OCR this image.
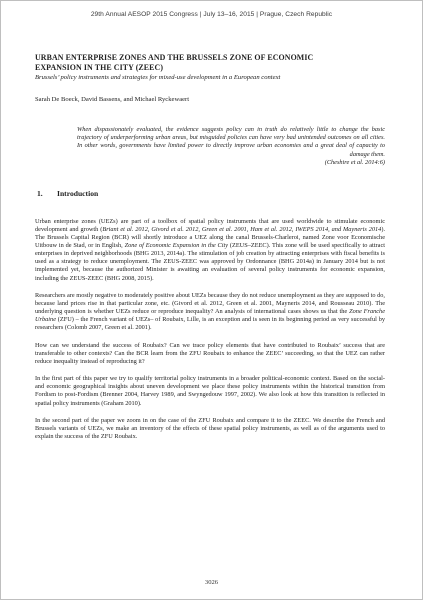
29th Annual AESOP 2015 Congress | July 13–16, 2015 | Prague, Czech Republic
URBAN ENTERPRISE ZONES AND THE BRUSSELS ZONE OF ECONOMIC
EXPANSION IN THE CITY (ZEEC)
Brussels’ policy instruments and strategies for mixed-use development in a European context
Sarah De Boeck, David Bassens, and Michael Ryckewaert
When dispassionately evaluated, the evidence suggests policy can in truth do relatively little to change the basic trajectory of underperforming urban areas, but misguided policies can have very bad unintended outcomes on all cities. In other words, governments have limited power to directly improve urban economies and a great deal of capacity to damage them.
(Cheshire et al. 2014:6)
1. Introduction

Urban enterprise zones (UEZs) are part of a toolbox of spatial policy instruments that are used worldwide to stimulate economic development and growth (Briant et al. 2012, Givord et al. 2012, Green et al. 2001, Ham et al. 2012, IWEPS 2014, and Mayneris 2014). The Brussels Capital Region (BCR) will shortly introduce a UEZ along the canal Brussels-Charleroi, named Zone voor Economische Uitbouw in de Stad, or in English, Zone of Economic Expansion in the City (ZEUS–ZEEC). This zone will be used specifically to attract enterprises in deprived neighborhoods (BHG 2013, 2014a). The stimulation of job creation by attracting enterprises with fiscal benefits is used as a strategy to reduce unemployment. The ZEUS-ZEEC was approved by Ordonnance (BHG 2014a) in January 2014 but is not implemented yet, because the authorized Minister is awaiting an evaluation of several policy instruments for economic expansion, including the ZEUS-ZEEC (BHG 2008, 2015).

Researchers are mostly negative to moderately positive about UEZs because they do not reduce unemployment as they are supposed to do, because land prices rise in that particular zone, etc. (Givord et al. 2012, Green et al. 2001, Mayneris 2014, and Rousseau 2010). The underlying question is whether UEZs reduce or reproduce inequality? An analysis of international cases shows us that the Zone Franche Urbaine (ZFU) – the French variant of UEZs– of Roubaix, Lille, is an exception and is seen in its beginning period as very successful by researchers (Colomb 2007, Green et al. 2001).

How can we understand the success of Roubaix? Can we trace policy elements that have contributed to Roubaix’ success that are transferable to other contexts? Can the BCR learn from the ZFU Roubaix to enhance the ZEEC’ succeeding, so that the UEZ can rather reduce inequality instead of reproducing it?

In the first part of this paper we try to qualify territorial policy instruments in a broader political-economic context. Based on the social- and economic geographical insights about uneven development we place these policy instruments within the historical transition from Fordism to post-Fordism (Brenner 2004, Harvey 1989, and Swyngedouw 1997, 2002). We also look at how this transition is reflected in spatial policy instruments (Graham 2010).

In the second part of the paper we zoom in on the case of the ZFU Roubaix and compare it to the ZEEC. We describe the French and Brussels variants of UEZs, we make an inventory of the effects of these spatial policy instruments, as well as of the arguments used to explain the success of the ZFU Roubaix.

3026
